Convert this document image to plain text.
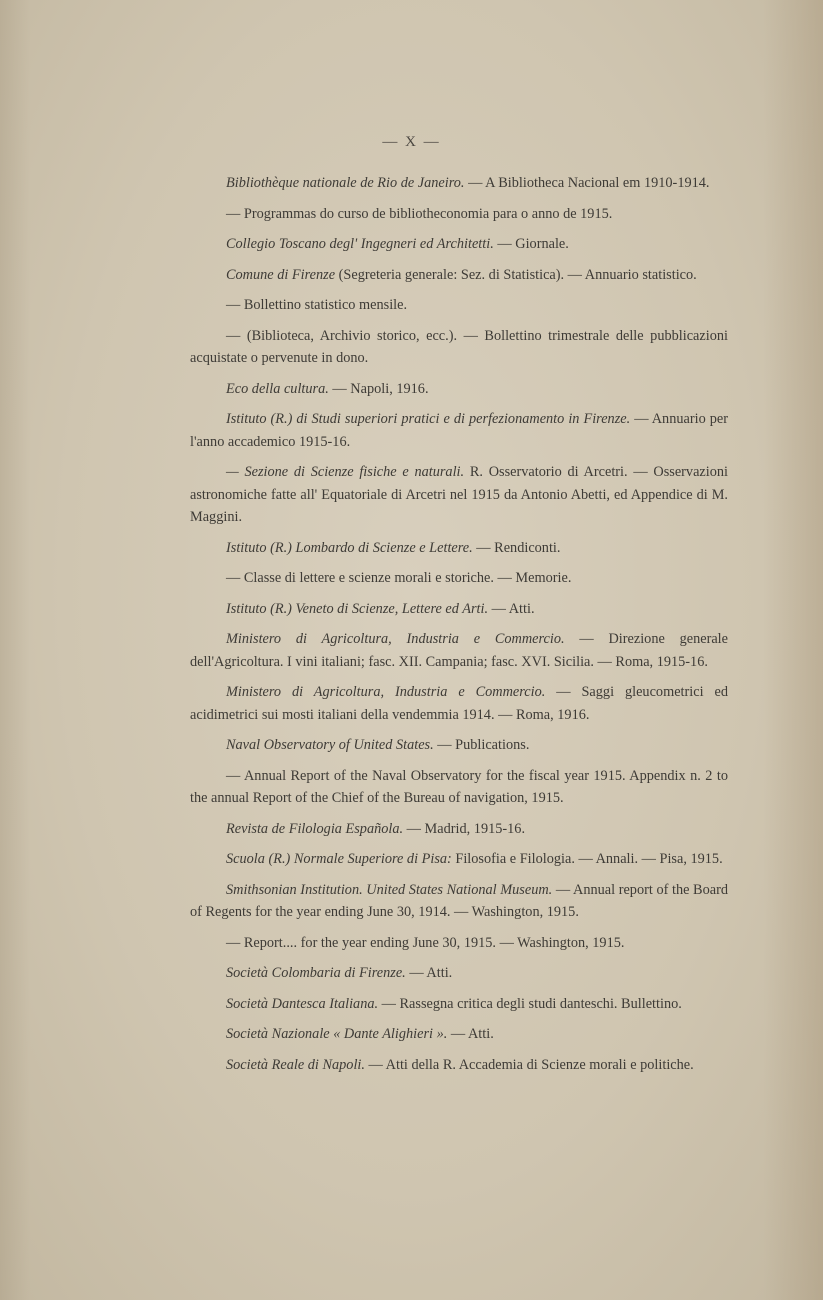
— X —

Bibliothèque nationale de Rio de Janeiro. — A Bibliotheca Nacional em 1910-1914.

— Programmas do curso de bibliotheconomia para o anno de 1915.

Collegio Toscano degl' Ingegneri ed Architetti. — Giornale.

Comune di Firenze (Segreteria generale: Sez. di Statistica). — Annuario statistico.

— Bollettino statistico mensile.

— (Biblioteca, Archivio storico, ecc.). — Bollettino trimestrale delle pubblicazioni acquistate o pervenute in dono.

Eco della cultura. — Napoli, 1916.

Istituto (R.) di Studi superiori pratici e di perfezionamento in Firenze. — Annuario per l'anno accademico 1915-16.

— Sezione di Scienze fisiche e naturali. R. Osservatorio di Arcetri. — Osservazioni astronomiche fatte all' Equatoriale di Arcetri nel 1915 da Antonio Abetti, ed Appendice di M. Maggini.

Istituto (R.) Lombardo di Scienze e Lettere. — Rendiconti.

— Classe di lettere e scienze morali e storiche. — Memorie.

Istituto (R.) Veneto di Scienze, Lettere ed Arti. — Atti.

Ministero di Agricoltura, Industria e Commercio. — Direzione generale dell'Agricoltura. I vini italiani; fasc. XII. Campania; fasc. XVI. Sicilia. — Roma, 1915-16.

Ministero di Agricoltura, Industria e Commercio. — Saggi gleucometrici ed acidimetrici sui mosti italiani della vendemmia 1914. — Roma, 1916.

Naval Observatory of United States. — Publications.

— Annual Report of the Naval Observatory for the fiscal year 1915. Appendix n. 2 to the annual Report of the Chief of the Bureau of navigation, 1915.

Revista de Filologia Española. — Madrid, 1915-16.

Scuola (R.) Normale Superiore di Pisa: Filosofia e Filologia. — Annali. — Pisa, 1915.

Smithsonian Institution. United States National Museum. — Annual report of the Board of Regents for the year ending June 30, 1914. — Washington, 1915.

— Report.... for the year ending June 30, 1915. — Washington, 1915.

Società Colombaria di Firenze. — Atti.

Società Dantesca Italiana. — Rassegna critica degli studi danteschi. Bullettino.

Società Nazionale « Dante Alighieri ». — Atti.

Società Reale di Napoli. — Atti della R. Accademia di Scienze morali e politiche.
